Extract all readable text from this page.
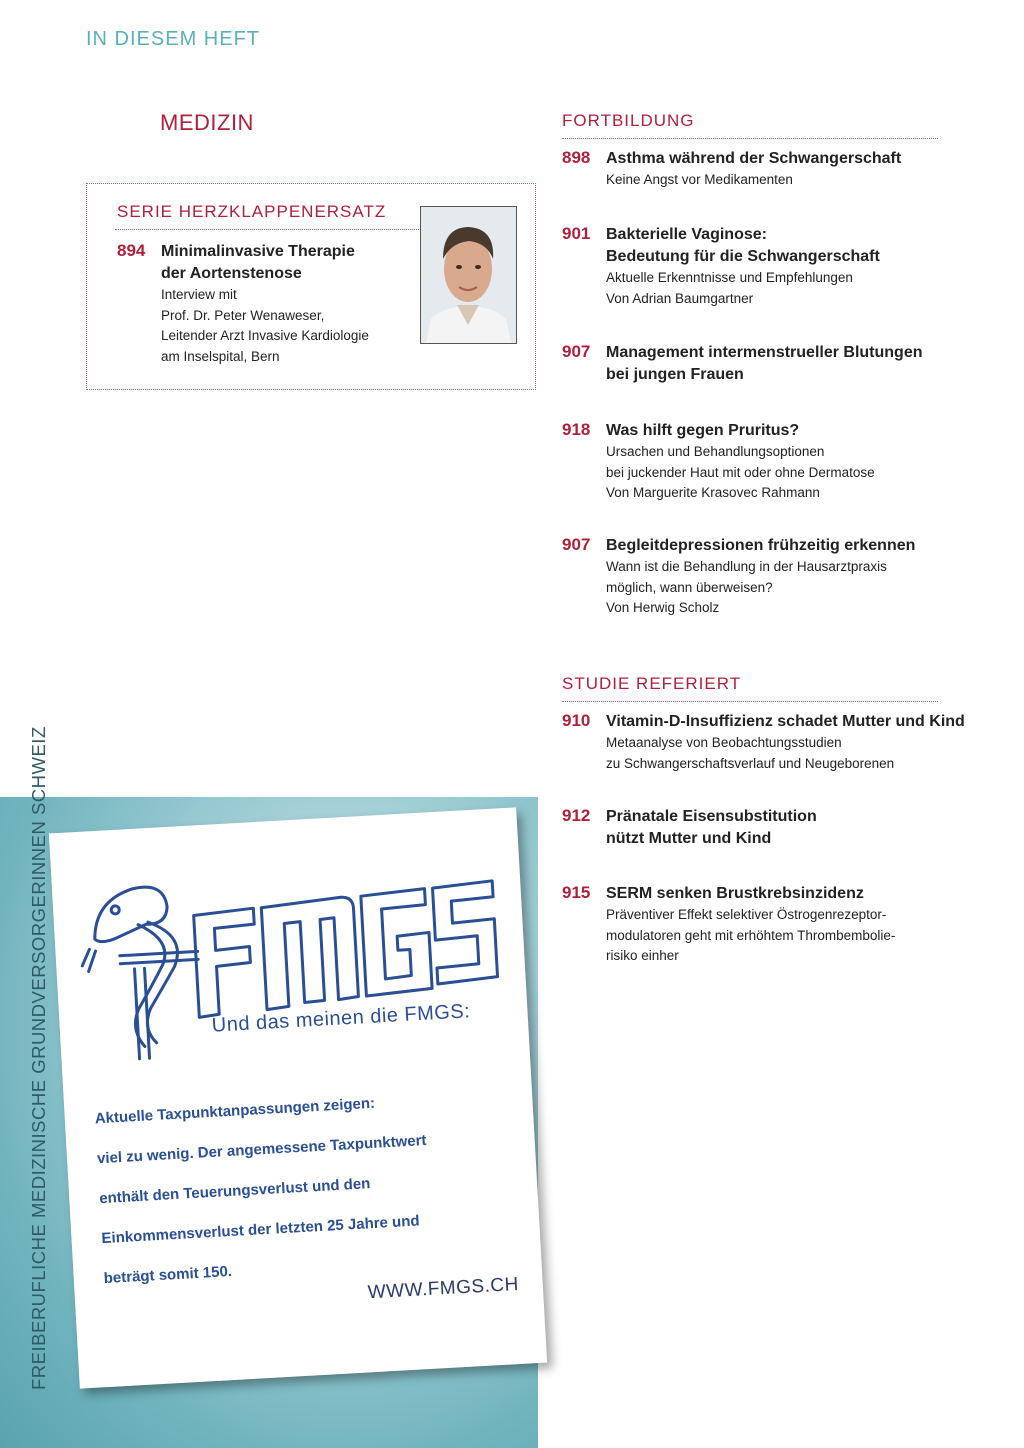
IN DIESEM HEFT
MEDIZIN
SERIE HERZKLAPPENERSATZ
894 Minimalinvasive Therapie
der Aortenstenose
Interview mit
Prof. Dr. Peter Wenaweser,
Leitender Arzt Invasive Kardiologie
am Inselspital, Bern
FORTBILDUNG
898 Asthma während der Schwangerschaft
Keine Angst vor Medikamenten
901 Bakterielle Vaginose:
Bedeutung für die Schwangerschaft
Aktuelle Erkenntnisse und Empfehlungen
Von Adrian Baumgartner
907 Management intermenstrueller Blutungen
bei jungen Frauen
918 Was hilft gegen Pruritus?
Ursachen und Behandlungsoptionen
bei juckender Haut mit oder ohne Dermatose
Von Marguerite Krasovec Rahmann
907 Begleitdepressionen frühzeitig erkennen
Wann ist die Behandlung in der Hausarztpraxis
möglich, wann überweisen?
Von Herwig Scholz
STUDIE REFERIERT
910 Vitamin-D-Insuffizienz schadet Mutter und Kind
Metaanalyse von Beobachtungsstudien
zu Schwangerschaftsverlauf und Neugeborenen
912 Pränatale Eisensubstitution
nützt Mutter und Kind
915 SERM senken Brustkrebsinzidenz
Präventiver Effekt selektiver Östrogenrezeptor-
modulatoren geht mit erhöhtem Thrombembolie-
risiko einher
FREIBERUFLICHE MEDIZINISCHE GRUNDVERSORGERINNEN SCHWEIZ	Und das meinen die FMGS:
Aktuelle Taxpunktanpassungen zeigen:
viel zu wenig. Der angemessene Taxpunktwert
enthält den Teuerungsverlust und den
Einkommensverlust der letzten 25 Jahre und
beträgt somit 150.	WWW.FMGS.CH
